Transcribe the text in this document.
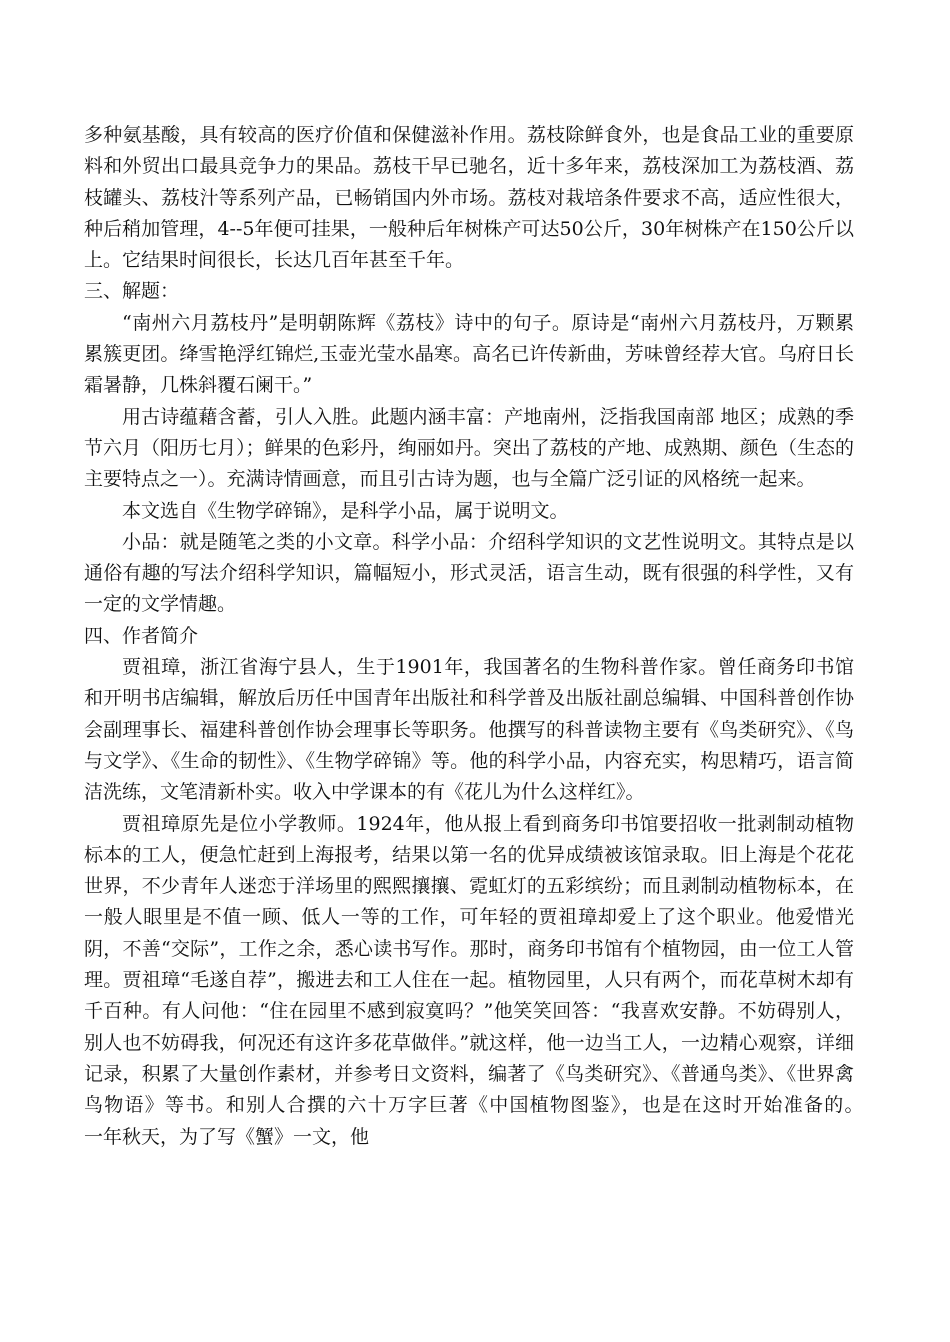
多种氨基酸，具有较高的医疗价值和保健滋补作用。荔枝除鲜食外，也是食品工业的重要原料和外贸出口最具竞争力的果品。荔枝干早已驰名，近十多年来，荔枝深加工为荔枝酒、荔枝罐头、荔枝汁等系列产品，已畅销国内外市场。荔枝对栽培条件要求不高，适应性很大，种后稍加管理，4--5年便可挂果，一般种后年树株产可达50公斤，30年树株产在150公斤以上。它结果时间很长，长达几百年甚至千年。

三、解题：

“南州六月荔枝丹”是明朝陈辉《荔枝》诗中的句子。原诗是“南州六月荔枝丹，万颗累累簇更团。绛雪艳浮红锦烂,玉壶光莹水晶寒。高名已许传新曲，芳味曾经荐大官。乌府日长霜暑静，几株斜覆石阑干。”

用古诗蕴藉含蓄，引人入胜。此题内涵丰富：产地南州，泛指我国南部 地区；成熟的季节六月（阳历七月）；鲜果的色彩丹，绚丽如丹。突出了荔枝的产地、成熟期、颜色（生态的主要特点之一）。充满诗情画意，而且引古诗为题，也与全篇广泛引证的风格统一起来。

本文选自《生物学碎锦》，是科学小品，属于说明文。

小品：就是随笔之类的小文章。科学小品：介绍科学知识的文艺性说明文。其特点是以通俗有趣的写法介绍科学知识，篇幅短小，形式灵活，语言生动，既有很强的科学性，又有一定的文学情趣。

四、作者简介

贾祖璋，浙江省海宁县人，生于1901年，我国著名的生物科普作家。曾任商务印书馆和开明书店编辑，解放后历任中国青年出版社和科学普及出版社副总编辑、中国科普创作协会副理事长、福建科普创作协会理事长等职务。他撰写的科普读物主要有《鸟类研究》、《鸟与文学》、《生命的韧性》、《生物学碎锦》等。他的科学小品，内容充实，构思精巧，语言简洁洗练，文笔清新朴实。收入中学课本的有《花儿为什么这样红》。

贾祖璋原先是位小学教师。1924年，他从报上看到商务印书馆要招收一批剥制动植物标本的工人，便急忙赶到上海报考，结果以第一名的优异成绩被该馆录取。旧上海是个花花世界，不少青年人迷恋于洋场里的熙熙攘攘、霓虹灯的五彩缤纷；而且剥制动植物标本，在一般人眼里是不值一顾、低人一等的工作，可年轻的贾祖璋却爱上了这个职业。他爱惜光阴，不善“交际”，工作之余，悉心读书写作。那时，商务印书馆有个植物园，由一位工人管理。贾祖璋“毛遂自荐”，搬进去和工人住在一起。植物园里，人只有两个，而花草树木却有千百种。有人问他：“住在园里不感到寂寞吗？”他笑笑回答：“我喜欢安静。不妨碍别人，别人也不妨碍我，何况还有这许多花草做伴。”就这样，他一边当工人，一边精心观察，详细记录，积累了大量创作素材，并参考日文资料，编著了《鸟类研究》、《普通鸟类》、《世界禽鸟物语》等书。和别人合撰的六十万字巨著《中国植物图鉴》，也是在这时开始准备的。　　一年秋天，为了写《蟹》一文，他
